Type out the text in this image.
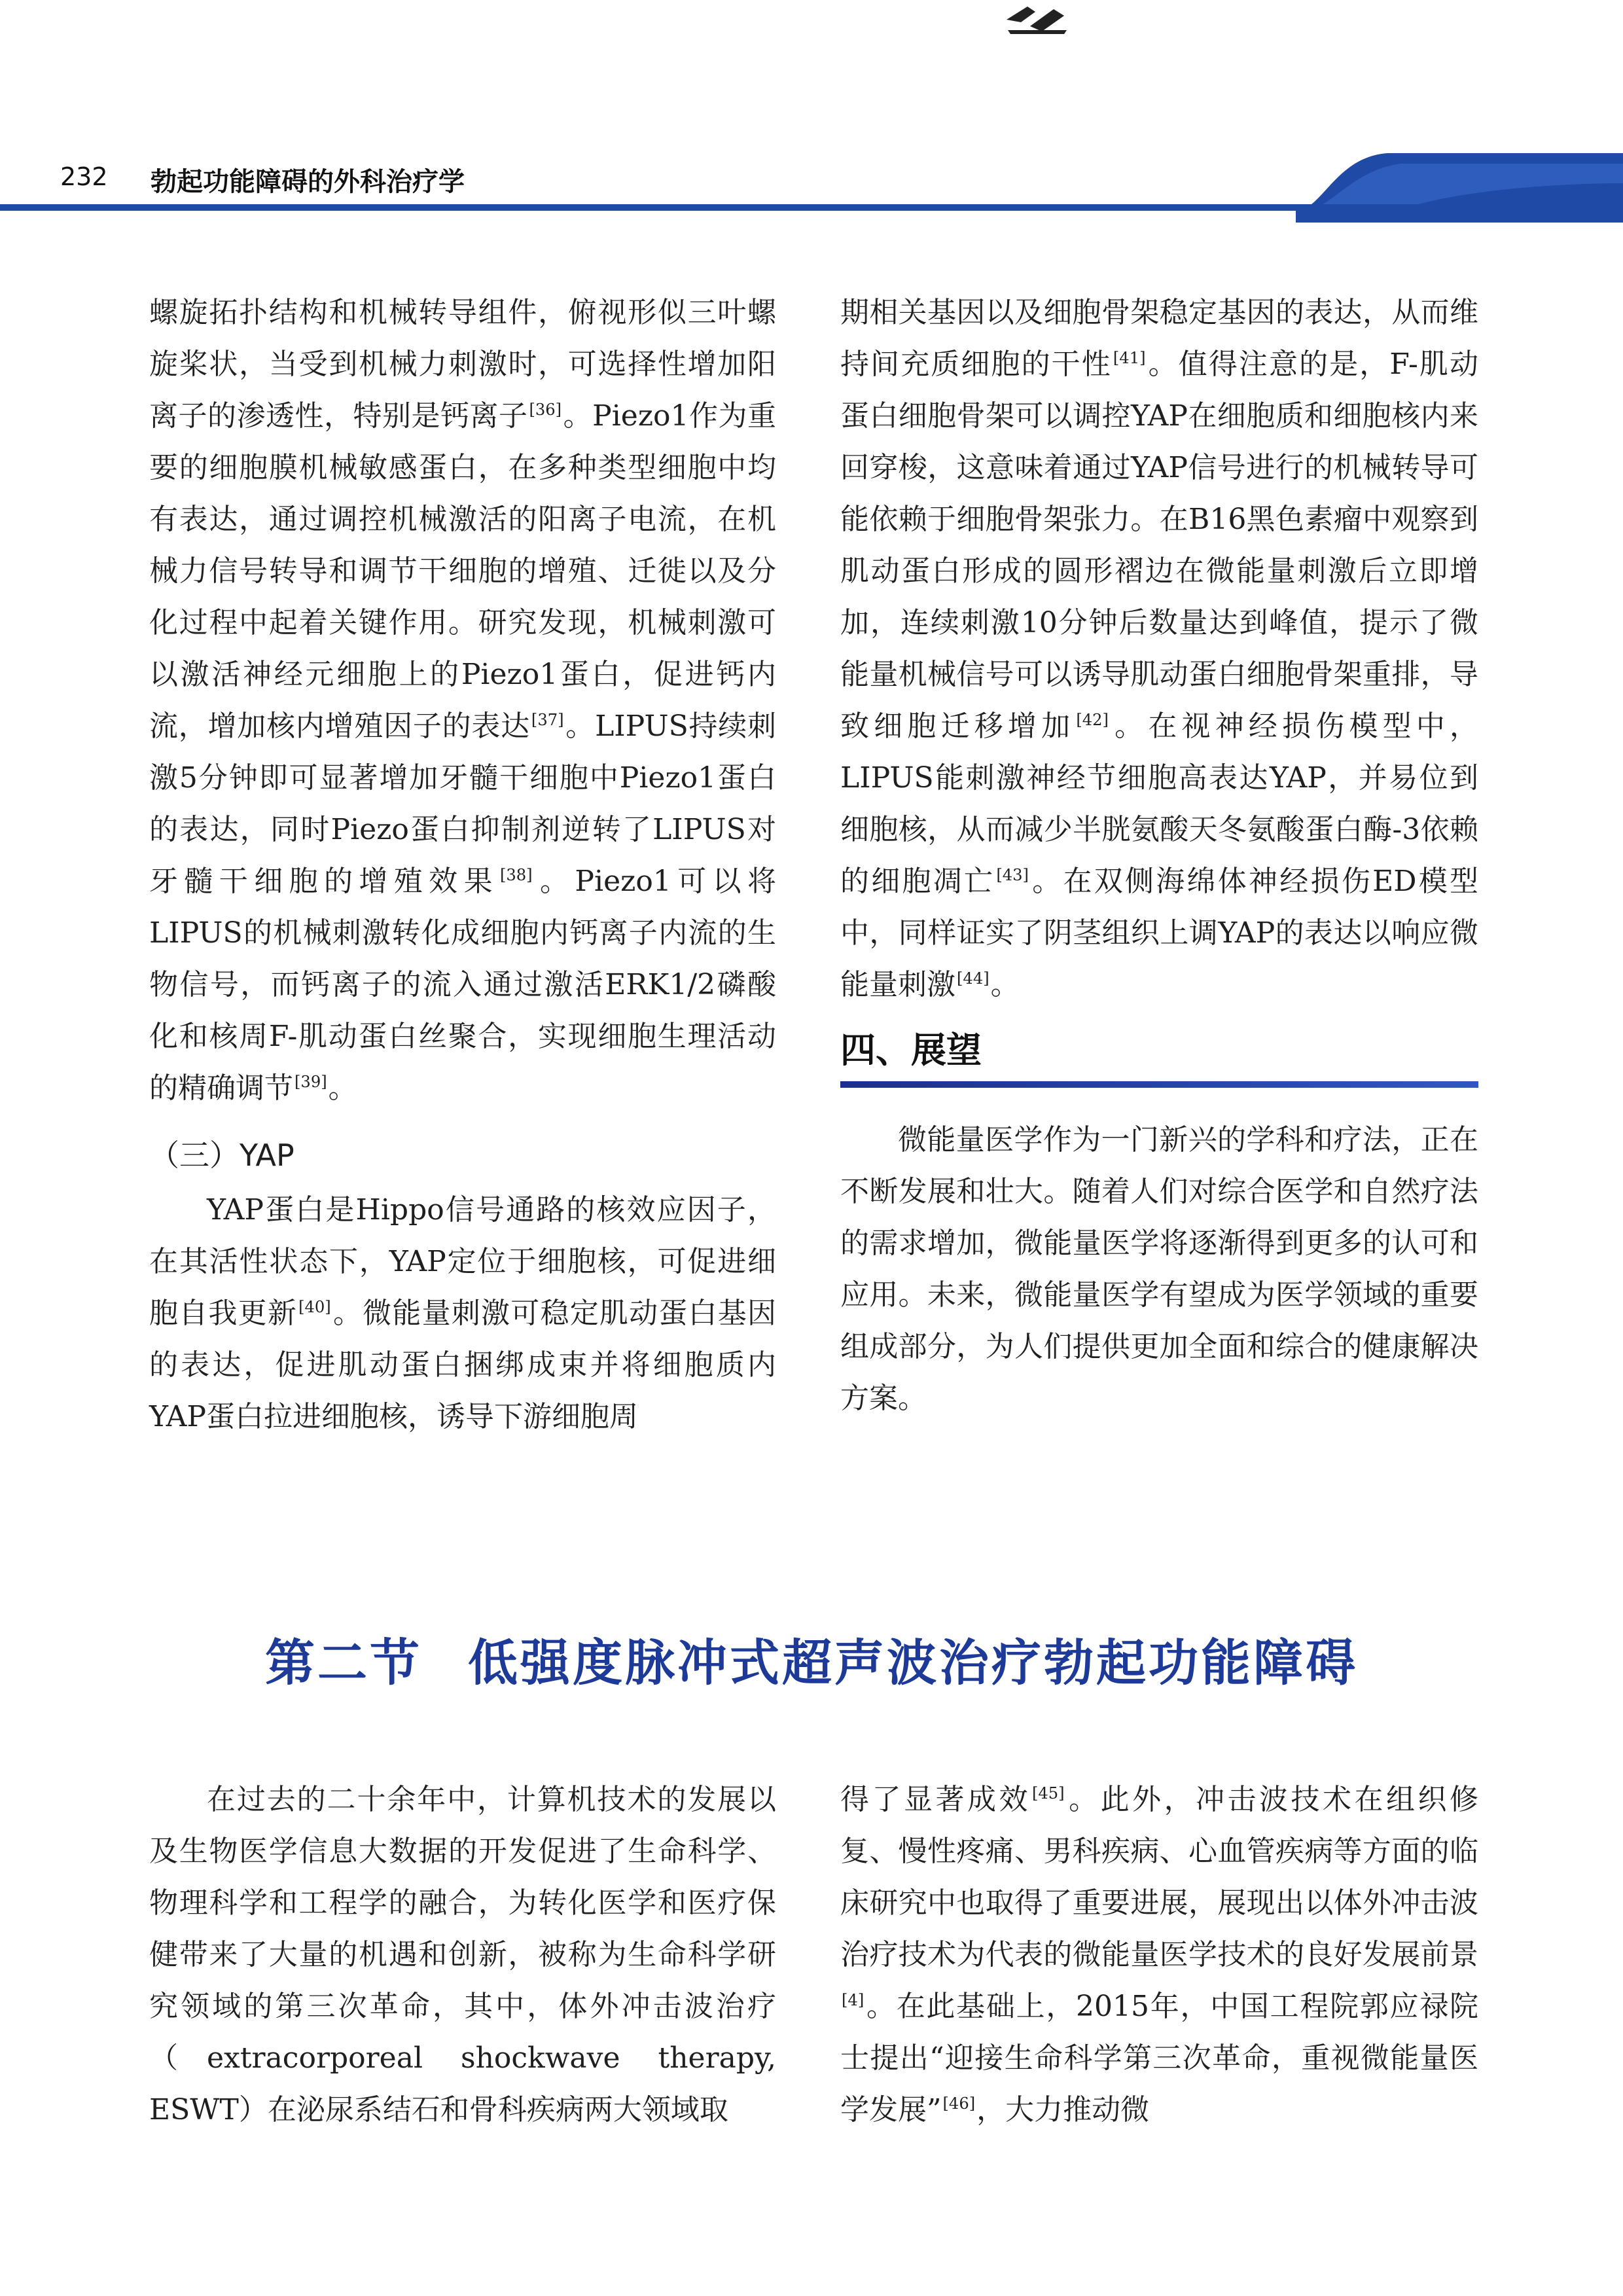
232 勃起功能障碍的外科治疗学

螺旋拓扑结构和机械转导组件，俯视形似三叶螺旋桨状，当受到机械力刺激时，可选择性增加阳离子的渗透性，特别是钙离子[36]。Piezo1作为重要的细胞膜机械敏感蛋白，在多种类型细胞中均有表达，通过调控机械激活的阳离子电流，在机械力信号转导和调节干细胞的增殖、迁徙以及分化过程中起着关键作用。研究发现，机械刺激可以激活神经元细胞上的Piezo1蛋白，促进钙内流，增加核内增殖因子的表达[37]。LIPUS持续刺激5分钟即可显著增加牙髓干细胞中Piezo1蛋白的表达，同时Piezo蛋白抑制剂逆转了LIPUS对牙髓干细胞的增殖效果[38]。Piezo1可以将LIPUS的机械刺激转化成细胞内钙离子内流的生物信号，而钙离子的流入通过激活ERK1/2磷酸化和核周F-肌动蛋白丝聚合，实现细胞生理活动的精确调节[39]。

（三）YAP

YAP蛋白是Hippo信号通路的核效应因子，在其活性状态下，YAP定位于细胞核，可促进细胞自我更新[40]。微能量刺激可稳定肌动蛋白基因的表达，促进肌动蛋白捆绑成束并将细胞质内YAP蛋白拉进细胞核，诱导下游细胞周

期相关基因以及细胞骨架稳定基因的表达，从而维持间充质细胞的干性[41]。值得注意的是，F-肌动蛋白细胞骨架可以调控YAP在细胞质和细胞核内来回穿梭，这意味着通过YAP信号进行的机械转导可能依赖于细胞骨架张力。在B16黑色素瘤中观察到肌动蛋白形成的圆形褶边在微能量刺激后立即增加，连续刺激10分钟后数量达到峰值，提示了微能量机械信号可以诱导肌动蛋白细胞骨架重排，导致细胞迁移增加[42]。在视神经损伤模型中，LIPUS能刺激神经节细胞高表达YAP，并易位到细胞核，从而减少半胱氨酸天冬氨酸蛋白酶-3依赖的细胞凋亡[43]。在双侧海绵体神经损伤ED模型中，同样证实了阴茎组织上调YAP的表达以响应微能量刺激[44]。

四、展望

微能量医学作为一门新兴的学科和疗法，正在不断发展和壮大。随着人们对综合医学和自然疗法的需求增加，微能量医学将逐渐得到更多的认可和应用。未来，微能量医学有望成为医学领域的重要组成部分，为人们提供更加全面和综合的健康解决方案。

第二节 低强度脉冲式超声波治疗勃起功能障碍

在过去的二十余年中，计算机技术的发展以及生物医学信息大数据的开发促进了生命科学、物理科学和工程学的融合，为转化医学和医疗保健带来了大量的机遇和创新，被称为生命科学研究领域的第三次革命，其中，体外冲击波治疗（extracorporeal shockwave therapy, ESWT）在泌尿系结石和骨科疾病两大领域取

得了显著成效[45]。此外，冲击波技术在组织修复、慢性疼痛、男科疾病、心血管疾病等方面的临床研究中也取得了重要进展，展现出以体外冲击波治疗技术为代表的微能量医学技术的良好发展前景[4]。在此基础上，2015年，中国工程院郭应禄院士提出“迎接生命科学第三次革命，重视微能量医学发展”[46]，大力推动微
